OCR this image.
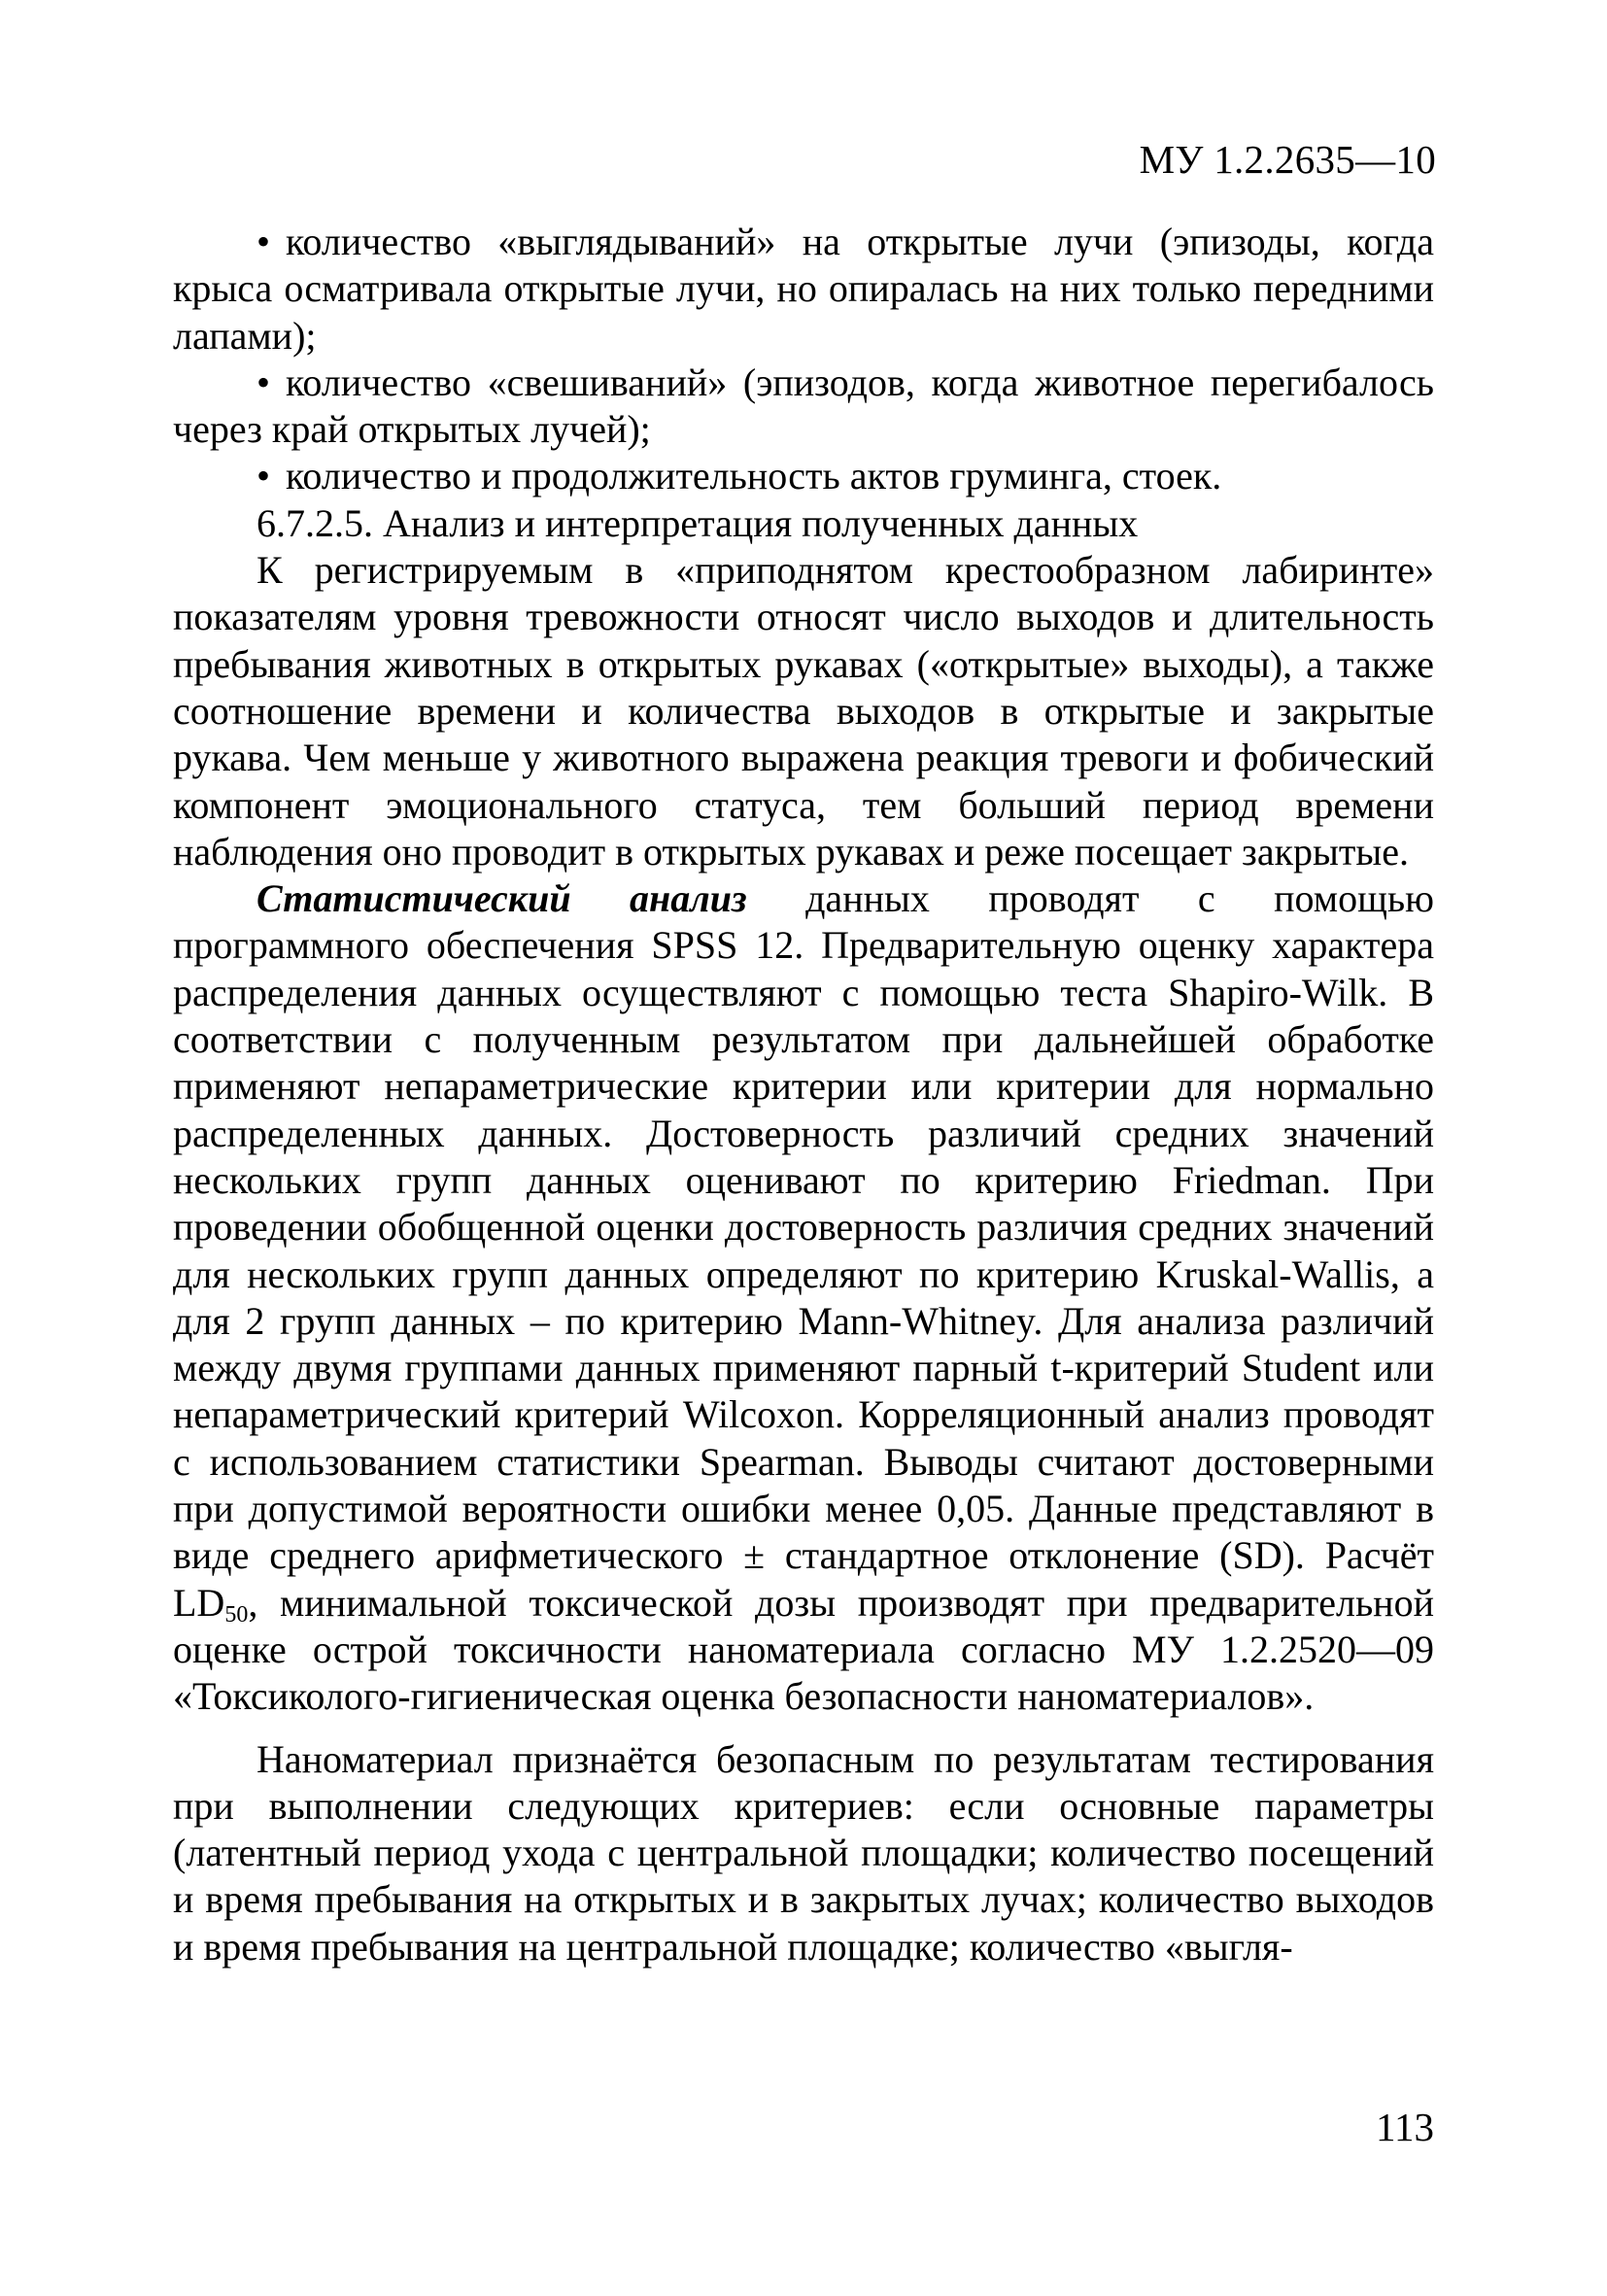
МУ 1.2.2635—10

• количество «выглядываний» на открытые лучи (эпизоды, когда крыса осматривала открытые лучи, но опиралась на них только передними лапами);

• количество «свешиваний» (эпизодов, когда животное перегибалось через край открытых лучей);

• количество и продолжительность актов груминга, стоек.

6.7.2.5. Анализ и интерпретация полученных данных

К регистрируемым в «приподнятом крестообразном лабиринте» показателям уровня тревожности относят число выходов и длительность пребывания животных в открытых рукавах («открытые» выходы), а также соотношение времени и количества выходов в открытые и закрытые рукава. Чем меньше у животного выражена реакция тревоги и фобический компонент эмоционального статуса, тем больший период времени наблюдения оно проводит в открытых рукавах и реже посещает закрытые.

Статистический анализ данных проводят с помощью программного обеспечения SPSS 12. Предварительную оценку характера распределения данных осуществляют с помощью теста Shapiro-Wilk. В соответствии с полученным результатом при дальнейшей обработке применяют непараметрические критерии или критерии для нормально распределенных данных. Достоверность различий средних значений нескольких групп данных оценивают по критерию Friedman. При проведении обобщенной оценки достоверность различия средних значений для нескольких групп данных определяют по критерию Kruskal-Wallis, а для 2 групп данных – по критерию Mann-Whitney. Для анализа различий между двумя группами данных применяют парный t-критерий Student или непараметрический критерий Wilcoxon. Корреляционный анализ проводят с использованием статистики Spearman. Выводы считают достоверными при допустимой вероятности ошибки менее 0,05. Данные представляют в виде среднего арифметического ± стандартное отклонение (SD). Расчёт $LD_{50}$, минимальной токсической дозы производят при предварительной оценке острой токсичности наноматериала согласно МУ 1.2.2520—09 «Токсиколого-гигиеническая оценка безопасности наноматериалов».

Наноматериал признаётся безопасным по результатам тестирования при выполнении следующих критериев: если основные параметры (латентный период ухода с центральной площадки; количество посещений и время пребывания на открытых и в закрытых лучах; количество выходов и время пребывания на центральной площадке; количество «выгля-

113
